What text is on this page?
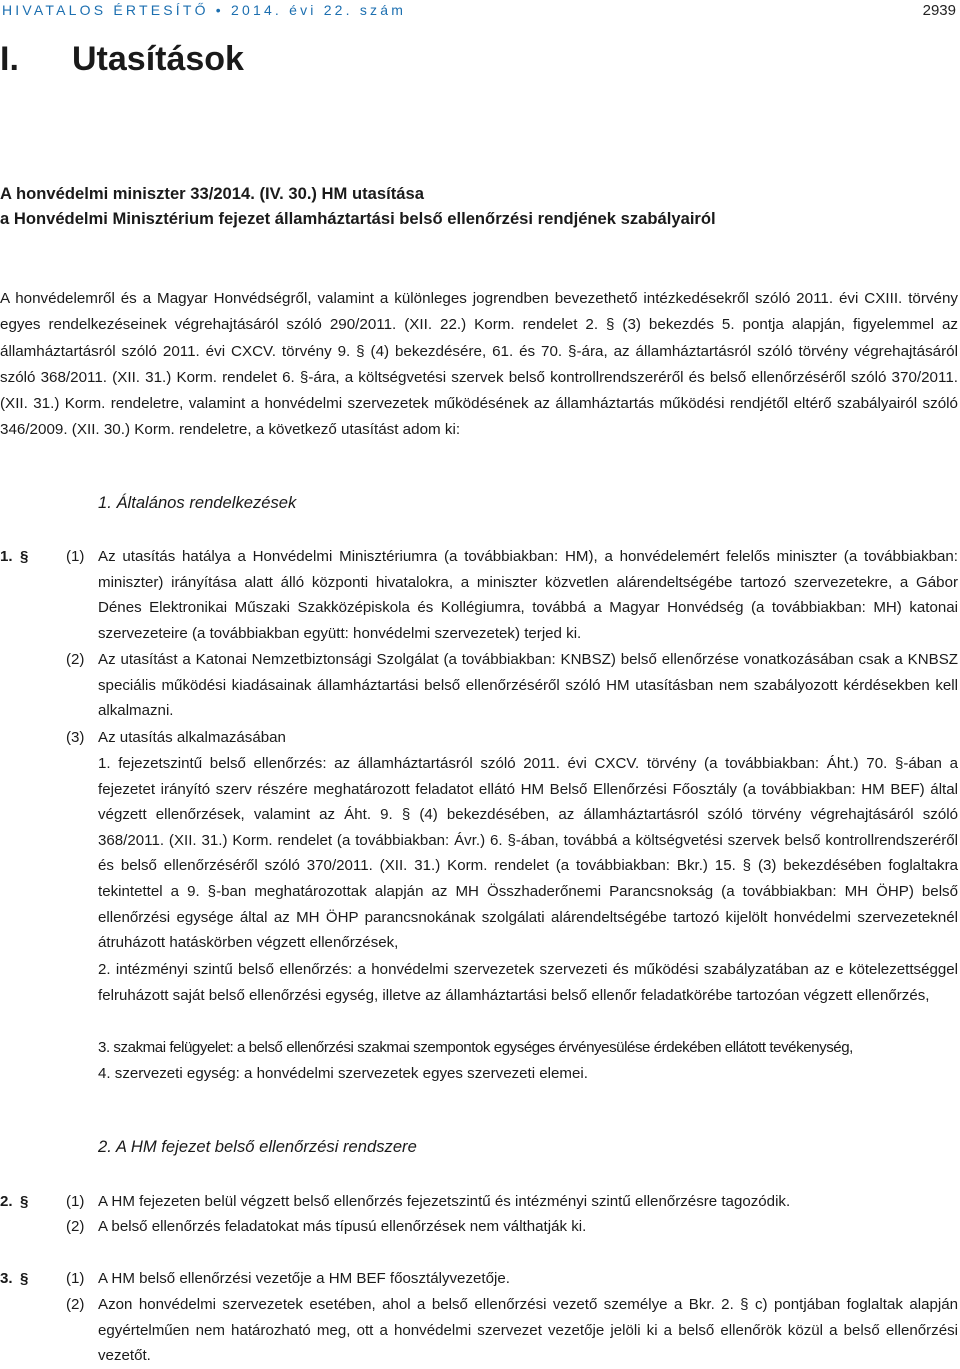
HIVATALOS ÉRTESÍTŐ • 2014. évi 22. szám	2939
I. Utasítások
A honvédelmi miniszter 33/2014. (IV. 30.) HM utasítása
a Honvédelmi Minisztérium fejezet államháztartási belső ellenőrzési rendjének szabályairól
A honvédelemről és a Magyar Honvédségről, valamint a különleges jogrendben bevezethető intézkedésekről szóló 2011. évi CXIII. törvény egyes rendelkezéseinek végrehajtásáról szóló 290/2011. (XII. 22.) Korm. rendelet 2. § (3) bekezdés 5. pontja alapján, figyelemmel az államháztartásról szóló 2011. évi CXCV. törvény 9. § (4) bekezdésére, 61. és 70. §-ára, az államháztartásról szóló törvény végrehajtásáról szóló 368/2011. (XII. 31.) Korm. rendelet 6. §-ára, a költségvetési szervek belső kontrollrendszeréről és belső ellenőrzéséről szóló 370/2011. (XII. 31.) Korm. rendeletre, valamint a honvédelmi szervezetek működésének az államháztartás működési rendjétől eltérő szabályairól szóló 346/2009. (XII. 30.) Korm. rendeletre, a következő utasítást adom ki:
1. Általános rendelkezések
1. § (1) Az utasítás hatálya a Honvédelmi Minisztériumra (a továbbiakban: HM), a honvédelemért felelős miniszter (a továbbiakban: miniszter) irányítása alatt álló központi hivatalokra, a miniszter közvetlen alárendeltségébe tartozó szervezetekre, a Gábor Dénes Elektronikai Műszaki Szakközépiskola és Kollégiumra, továbbá a Magyar Honvédség (a továbbiakban: MH) katonai szervezeteire (a továbbiakban együtt: honvédelmi szervezetek) terjed ki.
(2) Az utasítást a Katonai Nemzetbiztonsági Szolgálat (a továbbiakban: KNBSZ) belső ellenőrzése vonatkozásában csak a KNBSZ speciális működési kiadásainak államháztartási belső ellenőrzéséről szóló HM utasításban nem szabályozott kérdésekben kell alkalmazni.
(3) Az utasítás alkalmazásában
1. fejezetszintű belső ellenőrzés: az államháztartásról szóló 2011. évi CXCV. törvény (a továbbiakban: Áht.) 70. §-ában a fejezetet irányító szerv részére meghatározott feladatot ellátó HM Belső Ellenőrzési Főosztály (a továbbiakban: HM BEF) által végzett ellenőrzések, valamint az Áht. 9. § (4) bekezdésében, az államháztartásról szóló törvény végrehajtásáról szóló 368/2011. (XII. 31.) Korm. rendelet (a továbbiakban: Ávr.) 6. §-ában, továbbá a költségvetési szervek belső kontrollrendszeréről és belső ellenőrzéséről szóló 370/2011. (XII. 31.) Korm. rendelet (a továbbiakban: Bkr.) 15. § (3) bekezdésében foglaltakra tekintettel a 9. §-ban meghatározottak alapján az MH Összhaderőnemi Parancsnokság (a továbbiakban: MH ÖHP) belső ellenőrzési egysége által az MH ÖHP parancsnokának szolgálati alárendeltségébe tartozó kijelölt honvédelmi szervezeteknél átruházott hatáskörben végzett ellenőrzések,
2. intézményi szintű belső ellenőrzés: a honvédelmi szervezetek szervezeti és működési szabályzatában az e kötelezettséggel felruházott saját belső ellenőrzési egység, illetve az államháztartási belső ellenőr feladatkörébe tartozóan végzett ellenőrzés,
3. szakmai felügyelet: a belső ellenőrzési szakmai szempontok egységes érvényesülése érdekében ellátott tevékenység,
4. szervezeti egység: a honvédelmi szervezetek egyes szervezeti elemei.
2. A HM fejezet belső ellenőrzési rendszere
2. § (1) A HM fejezeten belül végzett belső ellenőrzés fejezetszintű és intézményi szintű ellenőrzésre tagozódik.
(2) A belső ellenőrzés feladatokat más típusú ellenőrzések nem válthatják ki.
3. § (1) A HM belső ellenőrzési vezetője a HM BEF főosztályvezetője.
(2) Azon honvédelmi szervezetek esetében, ahol a belső ellenőrzési vezető személye a Bkr. 2. § c) pontjában foglaltak alapján egyértelműen nem határozható meg, ott a honvédelmi szervezet vezetője jelöli ki a belső ellenőrök közül a belső ellenőrzési vezetőt.
